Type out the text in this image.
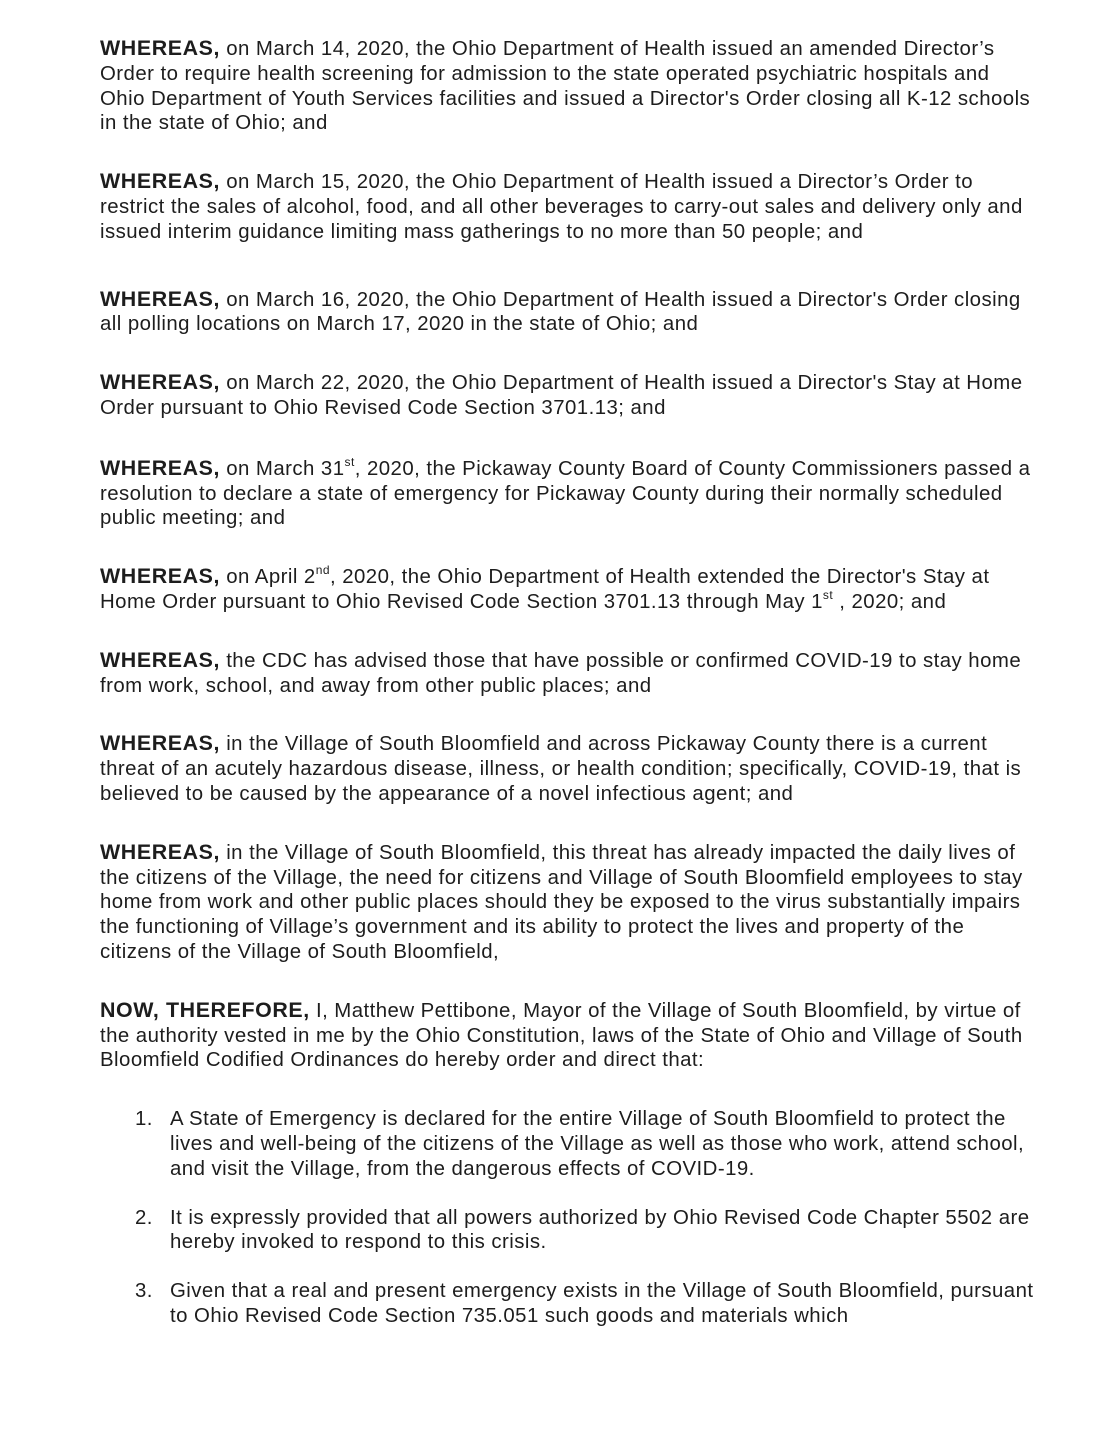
WHEREAS, on March 14, 2020, the Ohio Department of Health issued an amended Director’s Order to require health screening for admission to the state operated psychiatric hospitals and Ohio Department of Youth Services facilities and issued a Director's Order closing all K-12 schools in the state of Ohio; and

WHEREAS, on March 15, 2020, the Ohio Department of Health issued a Director’s Order to restrict the sales of alcohol, food, and all other beverages to carry-out sales and delivery only and issued interim guidance limiting mass gatherings to no more than 50 people; and

WHEREAS, on March 16, 2020, the Ohio Department of Health issued a Director's Order closing all polling locations on March 17, 2020 in the state of Ohio; and

WHEREAS, on March 22, 2020, the Ohio Department of Health issued a Director's Stay at Home Order pursuant to Ohio Revised Code Section 3701.13; and

WHEREAS, on March 31st, 2020, the Pickaway County Board of County Commissioners passed a resolution to declare a state of emergency for Pickaway County during their normally scheduled public meeting; and

WHEREAS, on April 2nd, 2020, the Ohio Department of Health extended the Director's Stay at Home Order pursuant to Ohio Revised Code Section 3701.13 through May 1st , 2020; and

WHEREAS, the CDC has advised those that have possible or confirmed COVID-19 to stay home from work, school, and away from other public places; and

WHEREAS, in the Village of South Bloomfield and across Pickaway County there is a current threat of an acutely hazardous disease, illness, or health condition; specifically, COVID-19, that is believed to be caused by the appearance of a novel infectious agent; and

WHEREAS, in the Village of South Bloomfield, this threat has already impacted the daily lives of the citizens of the Village, the need for citizens and Village of South Bloomfield employees to stay home from work and other public places should they be exposed to the virus substantially impairs the functioning of Village’s government and its ability to protect the lives and property of the citizens of the Village of South Bloomfield,

NOW, THEREFORE, I, Matthew Pettibone, Mayor of the Village of South Bloomfield, by virtue of the authority vested in me by the Ohio Constitution, laws of the State of Ohio and Village of South Bloomfield Codified Ordinances do hereby order and direct that:

1. A State of Emergency is declared for the entire Village of South Bloomfield to protect the lives and well-being of the citizens of the Village as well as those who work, attend school, and visit the Village, from the dangerous effects of COVID-19.
2. It is expressly provided that all powers authorized by Ohio Revised Code Chapter 5502 are hereby invoked to respond to this crisis.
3. Given that a real and present emergency exists in the Village of South Bloomfield, pursuant to Ohio Revised Code Section 735.051 such goods and materials which
